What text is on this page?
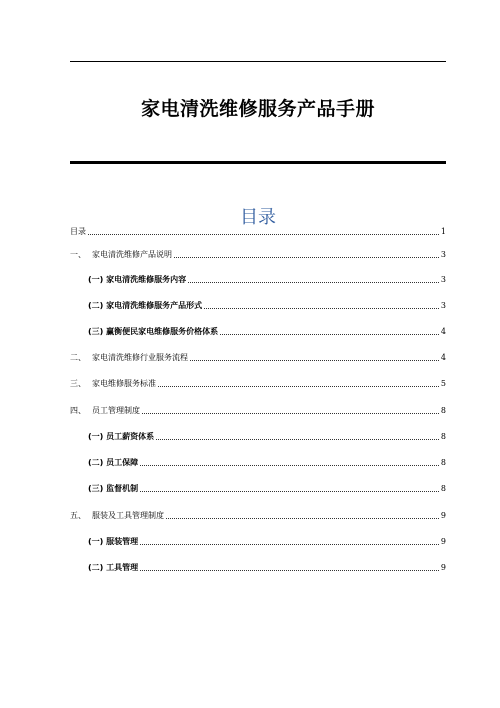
家电清洗维修服务产品手册
目录
目录	1
一、 家电清洗维修产品说明	3
(一) 家电清洗维修服务内容	3
(二) 家电清洗维修服务产品形式	3
(三) 赢衡便民家电维修服务价格体系	4
二、 家电清洗维修行业服务流程	4
三、 家电维修服务标准	5
四、 员工管理制度	8
(一) 员工薪资体系	8
(二) 员工保障	8
(三) 监督机制	8
五、 服装及工具管理制度	9
(一) 服装管理	9
(二) 工具管理	9
